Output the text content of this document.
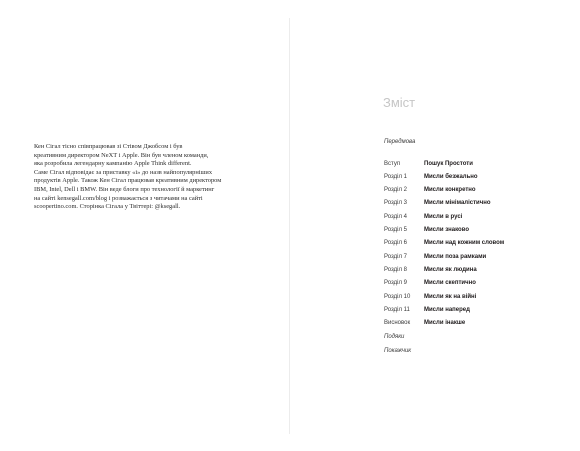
Кен Сігал тісно співпрацював зі Стівом Джобсом і був

креативним директором NeXT і Apple. Він був членом команди,

яка розробила легендарну кампанію Apple Think different.

Саме Сігал відповідає за приставку «i» до назв найпопулярніших

продуктів Apple. Також Кен Сігал працював креативним директором

IBM, Intel, Dell і BMW. Він веде блоги про технології й маркетинг

на сайті kensegall.com/blog і розважається з читачами на сайті

scoopertino.com. Сторінка Сігала у Твіттері: @ksegall.

Зміст
Передмова
Вступ	Пошук Простоти
Розділ 1	Мисли безжально
Розділ 2	Мисли конкретно
Розділ 3	Мисли мінімалістично
Розділ 4	Мисли в русі
Розділ 5	Мисли знаково
Розділ 6	Мисли над кожним словом
Розділ 7	Мисли поза рамками
Розділ 8	Мисли як людина
Розділ 9	Мисли скептично
Розділ 10	Мисли як на війні
Розділ 11	Мисли наперед
Висновок	Мисли інакше
Подяки
Покажчик
